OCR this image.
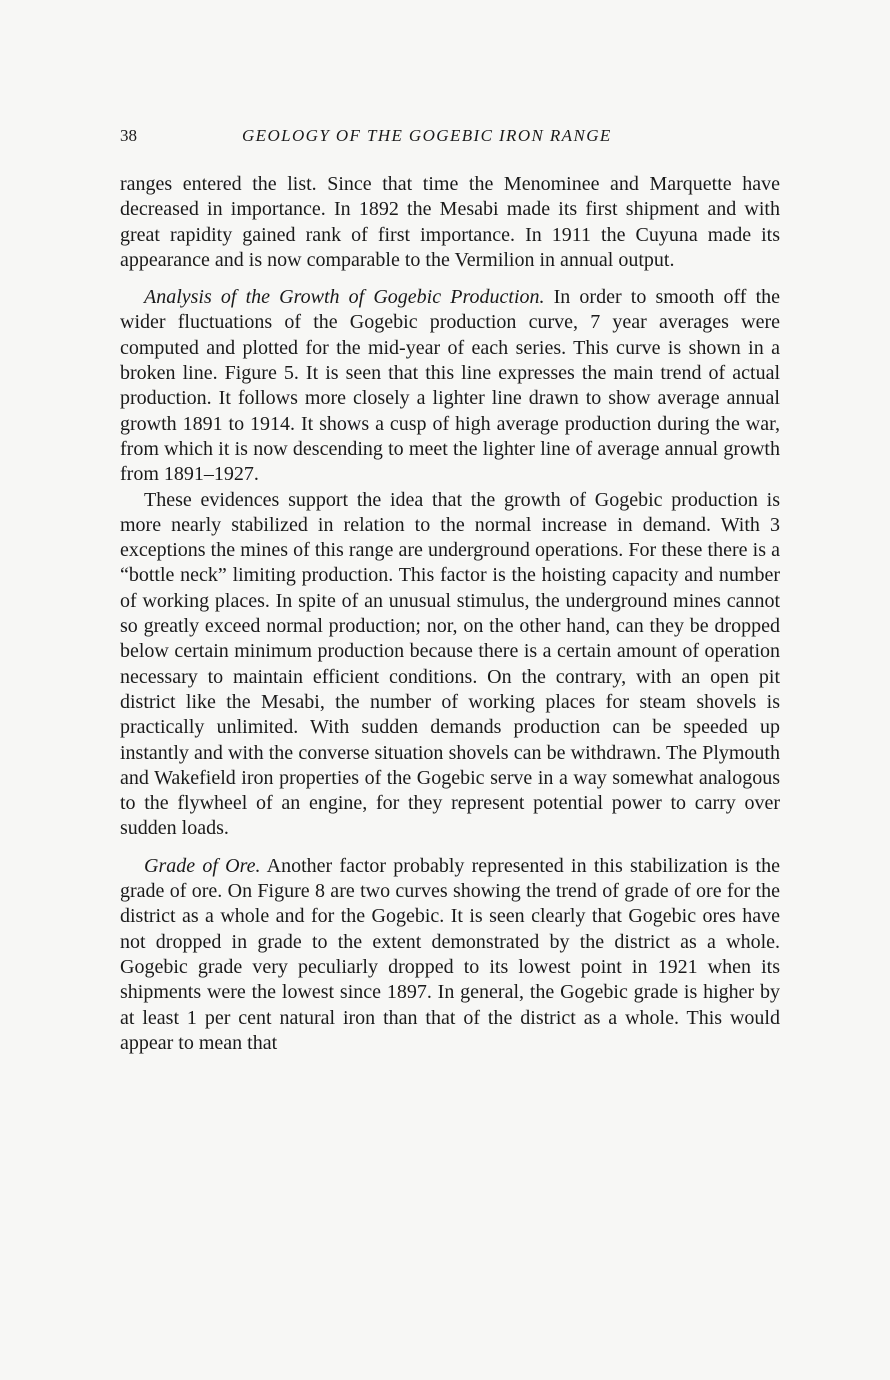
38	GEOLOGY OF THE GOGEBIC IRON RANGE

ranges entered the list. Since that time the Menominee and Marquette have decreased in importance. In 1892 the Mesabi made its first shipment and with great rapidity gained rank of first importance. In 1911 the Cuyuna made its appearance and is now comparable to the Vermilion in annual output.

Analysis of the Growth of Gogebic Production. In order to smooth off the wider fluctuations of the Gogebic production curve, 7 year averages were computed and plotted for the mid-year of each series. This curve is shown in a broken line. Figure 5. It is seen that this line expresses the main trend of actual production. It follows more closely a lighter line drawn to show average annual growth 1891 to 1914. It shows a cusp of high average production during the war, from which it is now descending to meet the lighter line of average annual growth from 1891–1927.

These evidences support the idea that the growth of Gogebic production is more nearly stabilized in relation to the normal increase in demand. With 3 exceptions the mines of this range are underground operations. For these there is a “bottle neck” limiting production. This factor is the hoisting capacity and number of working places. In spite of an unusual stimulus, the underground mines cannot so greatly exceed normal production; nor, on the other hand, can they be dropped below certain minimum production because there is a certain amount of operation necessary to maintain efficient conditions. On the contrary, with an open pit district like the Mesabi, the number of working places for steam shovels is practically unlimited. With sudden demands production can be speeded up instantly and with the converse situation shovels can be withdrawn. The Plymouth and Wakefield iron properties of the Gogebic serve in a way somewhat analogous to the flywheel of an engine, for they represent potential power to carry over sudden loads.

Grade of Ore. Another factor probably represented in this stabilization is the grade of ore. On Figure 8 are two curves showing the trend of grade of ore for the district as a whole and for the Gogebic. It is seen clearly that Gogebic ores have not dropped in grade to the extent demonstrated by the district as a whole. Gogebic grade very peculiarly dropped to its lowest point in 1921 when its shipments were the lowest since 1897. In general, the Gogebic grade is higher by at least 1 per cent natural iron than that of the district as a whole. This would appear to mean that
